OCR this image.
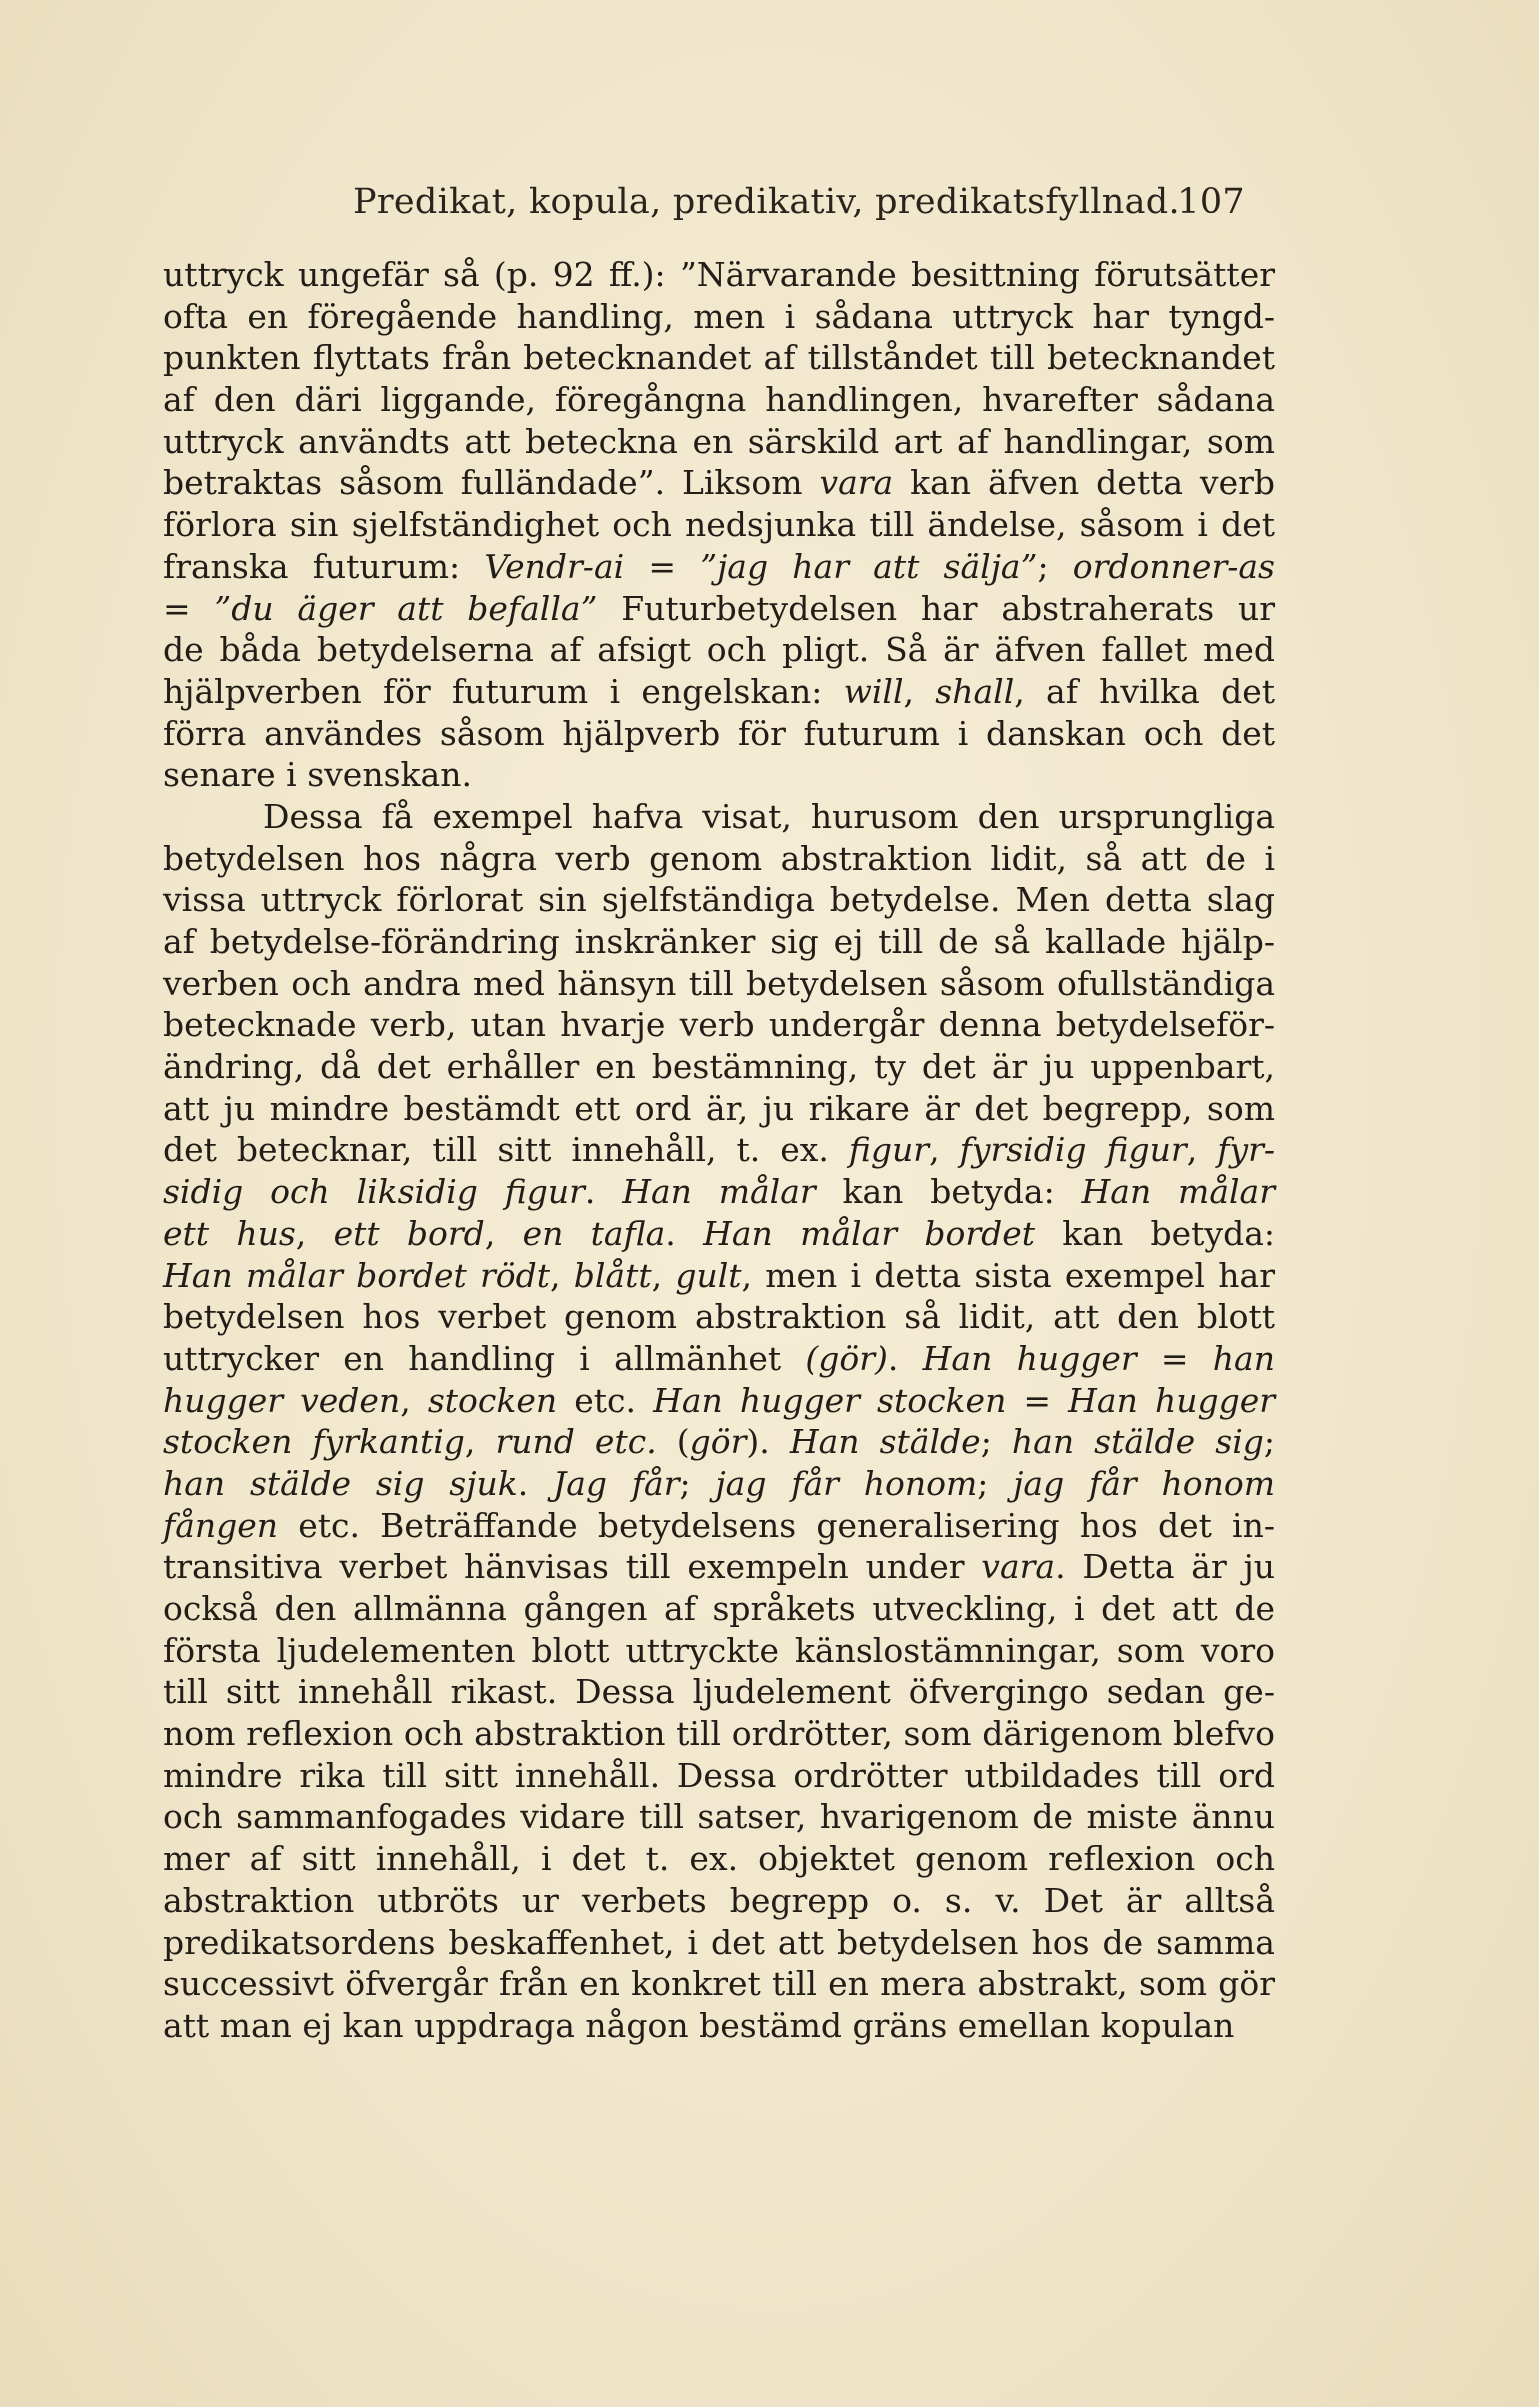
Predikat, kopula, predikativ, predikatsfyllnad.
107
uttryck ungefär så (p. 92 ff.): ”Närvarande besittning förutsätter
ofta en föregående handling, men i sådana uttryck har tyngd-
punkten flyttats från betecknandet af tillståndet till betecknandet
af den däri liggande, föregångna handlingen, hvarefter sådana
uttryck användts att beteckna en särskild art af handlingar, som
betraktas såsom fulländade”. Liksom vara kan äfven detta verb
förlora sin sjelfständighet och nedsjunka till ändelse, såsom i det
franska futurum: Vendr-ai = ”jag har att sälja”; ordonner-as
= ”du äger att befalla” Futurbetydelsen har abstraherats ur
de båda betydelserna af afsigt och pligt. Så är äfven fallet med
hjälpverben för futurum i engelskan: will, shall, af hvilka det
förra användes såsom hjälpverb för futurum i danskan och det
senare i svenskan.
Dessa få exempel hafva visat, hurusom den ursprungliga
betydelsen hos några verb genom abstraktion lidit, så att de i
vissa uttryck förlorat sin sjelfständiga betydelse. Men detta slag
af betydelse-förändring inskränker sig ej till de så kallade hjälp-
verben och andra med hänsyn till betydelsen såsom ofullständiga
betecknade verb, utan hvarje verb undergår denna betydelseför-
ändring, då det erhåller en bestämning, ty det är ju uppenbart,
att ju mindre bestämdt ett ord är, ju rikare är det begrepp, som
det betecknar, till sitt innehåll, t. ex. figur, fyrsidig figur, fyr-
sidig och liksidig figur. Han målar kan betyda: Han målar
ett hus, ett bord, en tafla. Han målar bordet kan betyda:
Han målar bordet rödt, blått, gult, men i detta sista exempel har
betydelsen hos verbet genom abstraktion så lidit, att den blott
uttrycker en handling i allmänhet (gör). Han hugger = han
hugger veden, stocken etc. Han hugger stocken = Han hugger
stocken fyrkantig, rund etc. (gör). Han stälde; han stälde sig;
han stälde sig sjuk. Jag får; jag får honom; jag får honom
fången etc. Beträffande betydelsens generalisering hos det in-
transitiva verbet hänvisas till exempeln under vara. Detta är ju
också den allmänna gången af språkets utveckling, i det att de
första ljudelementen blott uttryckte känslostämningar, som voro
till sitt innehåll rikast. Dessa ljudelement öfvergingo sedan ge-
nom reflexion och abstraktion till ordrötter, som därigenom blefvo
mindre rika till sitt innehåll. Dessa ordrötter utbildades till ord
och sammanfogades vidare till satser, hvarigenom de miste ännu
mer af sitt innehåll, i det t. ex. objektet genom reflexion och
abstraktion utbröts ur verbets begrepp o. s. v. Det är alltså
predikatsordens beskaffenhet, i det att betydelsen hos de samma
successivt öfvergår från en konkret till en mera abstrakt, som gör
att man ej kan uppdraga någon bestämd gräns emellan kopulan
